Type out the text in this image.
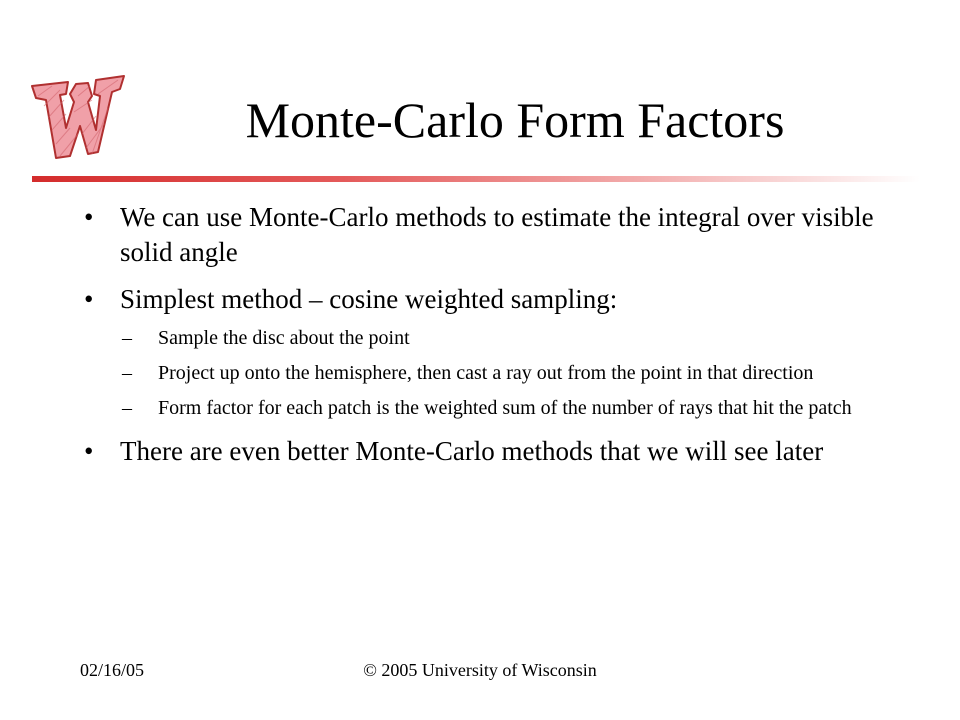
Monte-Carlo Form Factors
• We can use Monte-Carlo methods to estimate the integral over visible solid angle
• Simplest method – cosine weighted sampling:
– Sample the disc about the point
– Project up onto the hemisphere, then cast a ray out from the point in that direction
– Form factor for each patch is the weighted sum of the number of rays that hit the patch
• There are even better Monte-Carlo methods that we will see later
02/16/05	© 2005 University of Wisconsin
